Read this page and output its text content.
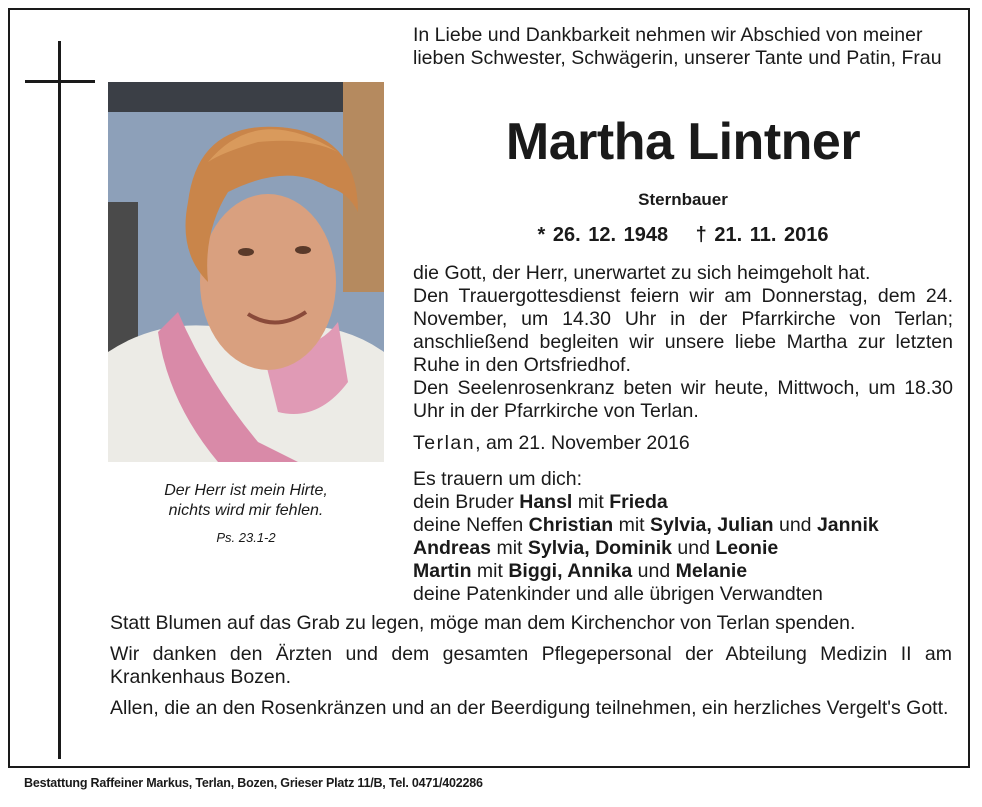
Der Herr ist mein Hirte,
nichts wird mir fehlen.
Ps. 23.1-2
In Liebe und Dankbarkeit nehmen wir Abschied von meiner lieben Schwester, Schwägerin, unserer Tante und Patin, Frau
Martha Lintner
Sternbauer
* 26. 12. 1948 † 21. 11. 2016

die Gott, der Herr, unerwartet zu sich heimgeholt hat.

Den Trauergottesdienst feiern wir am Donnerstag, dem 24. November, um 14.30 Uhr in der Pfarrkirche von Terlan; anschließend begleiten wir unsere liebe Martha zur letzten Ruhe in den Ortsfriedhof.

Den Seelenrosenkranz beten wir heute, Mittwoch, um 18.30 Uhr in der Pfarrkirche von Terlan.

Terlan, am 21. November 2016
Es trauern um dich:
dein Bruder Hansl mit Frieda
deine Neffen Christian mit Sylvia, Julian und Jannik
Andreas mit Sylvia, Dominik und Leonie
Martin mit Biggi, Annika und Melanie
deine Patenkinder und alle übrigen Verwandten

Statt Blumen auf das Grab zu legen, möge man dem Kirchenchor von Terlan spenden.

Wir danken den Ärzten und dem gesamten Pflegepersonal der Abteilung Medizin II am Krankenhaus Bozen.

Allen, die an den Rosenkränzen und an der Beerdigung teilnehmen, ein herzliches Vergelt's Gott.

Bestattung Raffeiner Markus, Terlan, Bozen, Grieser Platz 11/B, Tel. 0471/402286
